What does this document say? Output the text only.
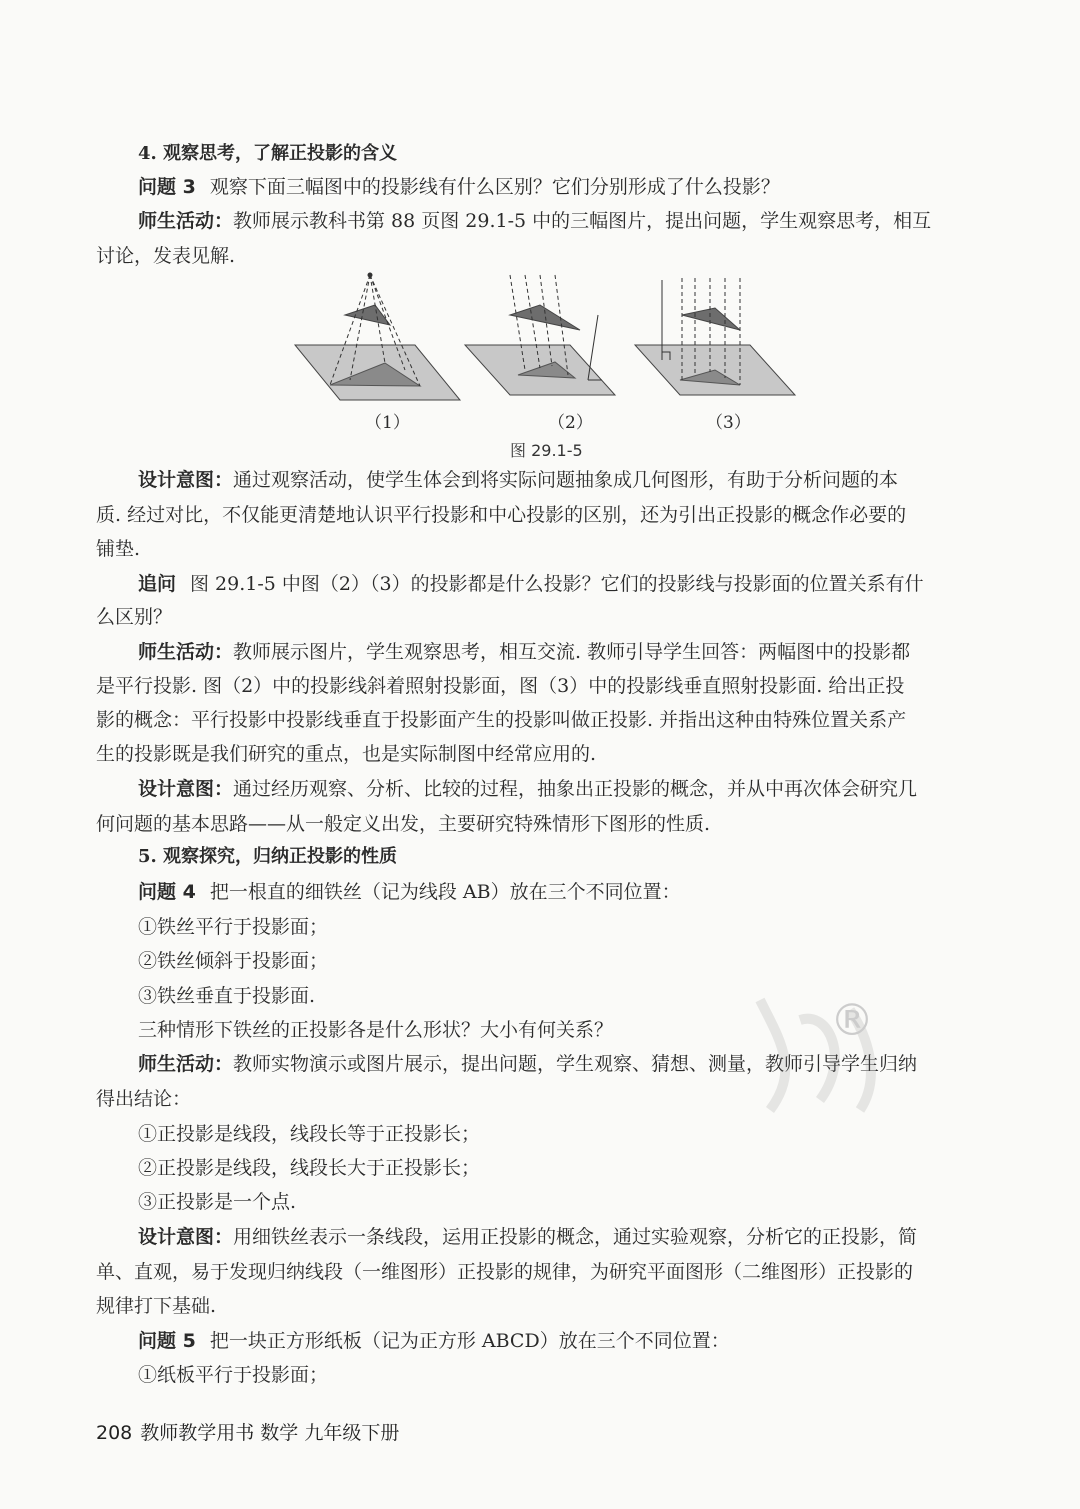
4. 观察思考，了解正投影的含义
问题 3 观察下面三幅图中的投影线有什么区别？它们分别形成了什么投影？
师生活动：教师展示教科书第 88 页图 29.1-5 中的三幅图片，提出问题，学生观察思考，相互
讨论，发表见解.
（1）	（2）	（3）
图 29.1-5
设计意图：通过观察活动，使学生体会到将实际问题抽象成几何图形，有助于分析问题的本
质. 经过对比，不仅能更清楚地认识平行投影和中心投影的区别，还为引出正投影的概念作必要的
铺垫.
追问 图 29.1-5 中图（2）（3）的投影都是什么投影？它们的投影线与投影面的位置关系有什
么区别？
师生活动：教师展示图片，学生观察思考，相互交流. 教师引导学生回答：两幅图中的投影都
是平行投影. 图（2）中的投影线斜着照射投影面，图（3）中的投影线垂直照射投影面. 给出正投
影的概念：平行投影中投影线垂直于投影面产生的投影叫做正投影. 并指出这种由特殊位置关系产
生的投影既是我们研究的重点，也是实际制图中经常应用的.
设计意图：通过经历观察、分析、比较的过程，抽象出正投影的概念，并从中再次体会研究几
何问题的基本思路——从一般定义出发，主要研究特殊情形下图形的性质.
5. 观察探究，归纳正投影的性质
问题 4 把一根直的细铁丝（记为线段 AB）放在三个不同位置：
①铁丝平行于投影面；
②铁丝倾斜于投影面；
③铁丝垂直于投影面.
三种情形下铁丝的正投影各是什么形状？大小有何关系？
师生活动：教师实物演示或图片展示，提出问题，学生观察、猜想、测量，教师引导学生归纳
得出结论：
①正投影是线段，线段长等于正投影长；
②正投影是线段，线段长大于正投影长；
③正投影是一个点.
设计意图：用细铁丝表示一条线段，运用正投影的概念，通过实验观察，分析它的正投影，简
单、直观，易于发现归纳线段（一维图形）正投影的规律，为研究平面图形（二维图形）正投影的
规律打下基础.
问题 5 把一块正方形纸板（记为正方形 ABCD）放在三个不同位置：
①纸板平行于投影面；
®
208 教师教学用书 数学 九年级下册
